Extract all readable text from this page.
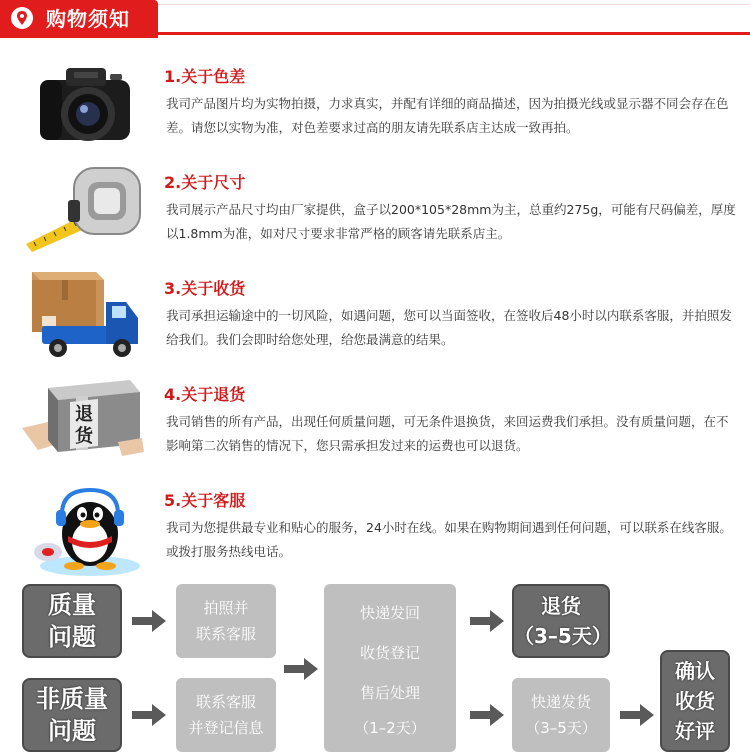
购物须知
1.关于色差
我司产品图片均为实物拍摄，力求真实，并配有详细的商品描述，因为拍摄光线或显示器不同会存在色差。请您以实物为准，对色差要求过高的朋友请先联系店主达成一致再拍。
2.关于尺寸
我司展示产品尺寸均由厂家提供，盒子以200*105*28mm为主，总重约275g，可能有尺码偏差，厚度以1.8mm为准，如对尺寸要求非常严格的顾客请先联系店主。
3.关于收货
我司承担运输途中的一切风险，如遇问题，您可以当面签收，在签收后48小时以内联系客服，并拍照发给我们。我们会即时给您处理，给您最满意的结果。
退
货
4.关于退货
我司销售的所有产品，出现任何质量问题，可无条件退换货，来回运费我们承担。没有质量问题，在不影响第二次销售的情况下，您只需承担发过来的运费也可以退货。
5.关于客服
我司为您提供最专业和贴心的服务，24小时在线。如果在购物期间遇到任何问题，可以联系在线客服。或拨打服务热线电话。
质量
问题
非质量
问题
拍照并
联系客服
联系客服
并登记信息
快递发回
收货登记
售后处理
（1–2天）
退货
（3–5天）
快递发货
（3–5天）
确认
收货
好评
